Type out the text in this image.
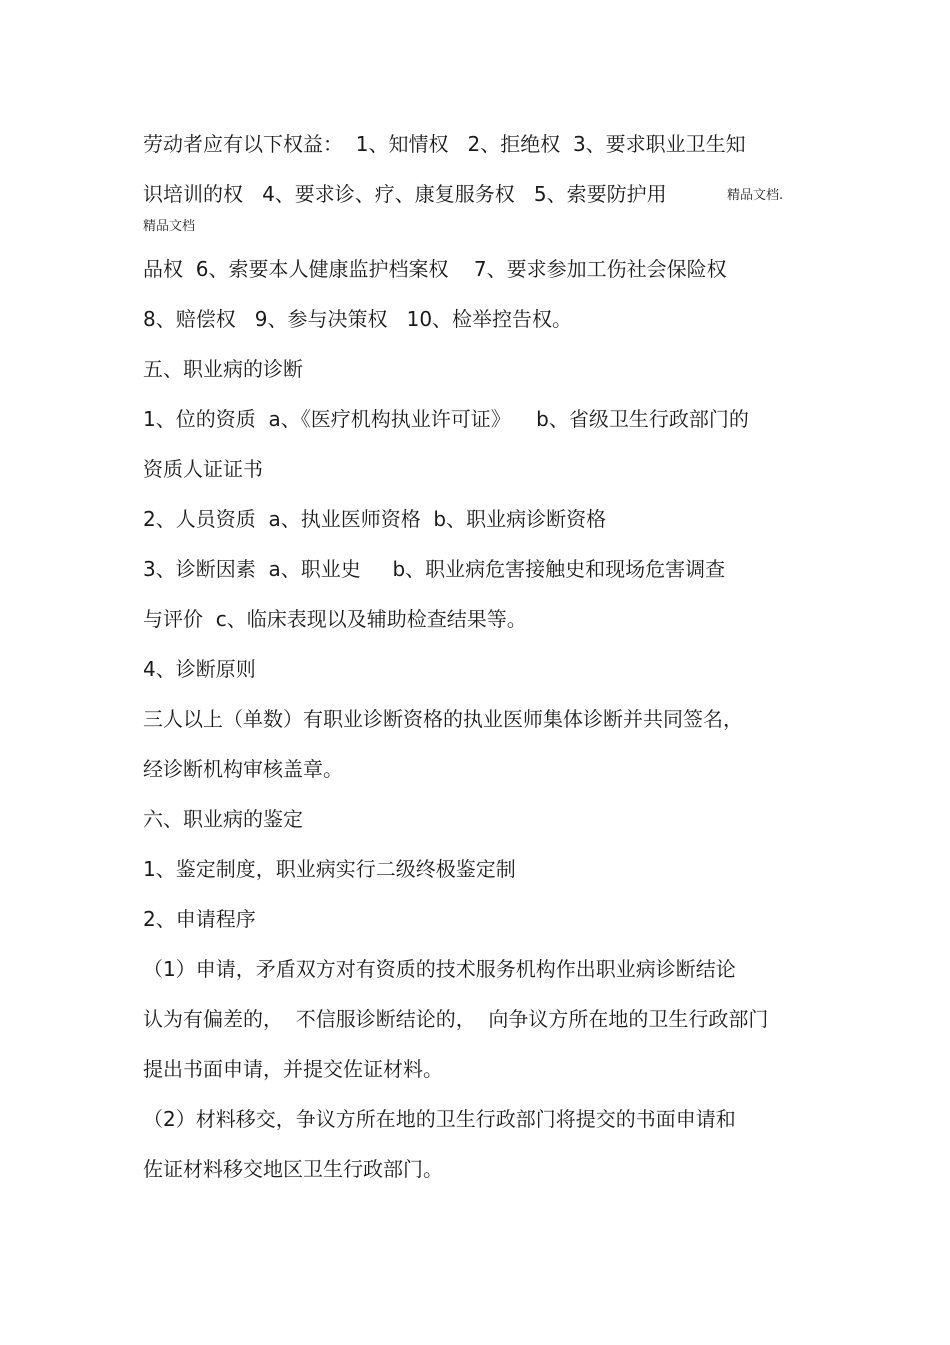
劳动者应有以下权益：  1、知情权   2、拒绝权  3、要求职业卫生知
识培训的权   4、要求诊、疗、康复服务权   5、索要防护用	精品文档.
精品文档
品权  6、索要本人健康监护档案权    7、要求参加工伤社会保险权
8、赔偿权   9、参与决策权   10、检举控告权。
五、职业病的诊断
1、位的资质  a、《医疗机构执业许可证》    b、省级卫生行政部门的
资质人证证书
2、人员资质  a、执业医师资格  b、职业病诊断资格
3、诊断因素  a、职业史     b、职业病危害接触史和现场危害调查
与评价  c、临床表现以及辅助检查结果等。
4、诊断原则
三人以上（单数）有职业诊断资格的执业医师集体诊断并共同签名，
经诊断机构审核盖章。
六、职业病的鉴定
1、鉴定制度，职业病实行二级终极鉴定制
2、申请程序
（1）申请，矛盾双方对有资质的技术服务机构作出职业病诊断结论
认为有偏差的，  不信服诊断结论的，  向争议方所在地的卫生行政部门
提出书面申请，并提交佐证材料。
（2）材料移交，争议方所在地的卫生行政部门将提交的书面申请和
佐证材料移交地区卫生行政部门。
